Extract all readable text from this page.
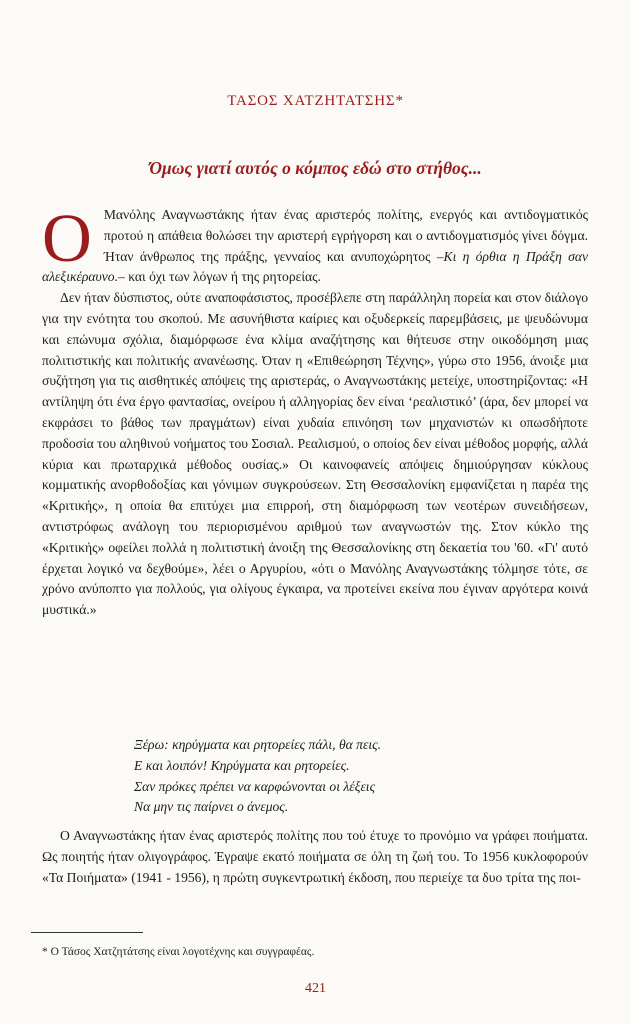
ΤΑΣΟΣ ΧΑΤΖΗΤΑΤΣΗΣ*
Όμως γιατί αυτός ο κόμπος εδώ στο στήθος...

Ο Μανόλης Αναγνωστάκης ήταν ένας αριστερός πολίτης, ενεργός και αντιδογματικός προτού η απάθεια θολώσει την αριστερή εγρήγορση και ο αντιδογματισμός γίνει δόγμα. Ήταν άνθρωπος της πράξης, γενναίος και ανυποχώρητος –Κι η όρθια η Πράξη σαν αλεξικέραυνο.– και όχι των λόγων ή της ρητορείας.

Δεν ήταν δύσπιστος, ούτε αναποφάσιστος, προσέβλεπε στη παράλληλη πορεία και στον διάλογο για την ενότητα του σκοπού. Με ασυνήθιστα καίριες και οξυδερκείς παρεμβάσεις, με ψευδώνυμα και επώνυμα σχόλια, διαμόρφωσε ένα κλίμα αναζήτησης και θήτευσε στην οικοδόμηση μιας πολιτιστικής και πολιτικής ανανέωσης. Όταν η «Επιθεώρηση Τέχνης», γύρω στο 1956, άνοιξε μια συζήτηση για τις αισθητικές απόψεις της αριστεράς, ο Αναγνωστάκης μετείχε, υποστηρίζοντας: «Η αντίληψη ότι ένα έργο φαντασίας, ονείρου ή αλληγορίας δεν είναι ‘ρεαλιστικό’ (άρα, δεν μπορεί να εκφράσει το βάθος των πραγμάτων) είναι χυδαία επινόηση των μηχανιστών κι οπωσδήποτε προδοσία του αληθινού νοήματος του Σοσιαλ. Ρεαλισμού, ο οποίος δεν είναι μέθοδος μορφής, αλλά κύρια και πρωταρχικά μέθοδος ουσίας.» Οι καινοφανείς απόψεις δημιούργησαν κύκλους κομματικής ανορθοδοξίας και γόνιμων συγκρούσεων. Στη Θεσσαλονίκη εμφανίζεται η παρέα της «Κριτικής», η οποία θα επιτύχει μια επιρροή, στη διαμόρφωση των νεοτέρων συνειδήσεων, αντιστρόφως ανάλογη του περιορισμένου αριθμού των αναγνωστών της. Στον κύκλο της «Κριτικής» οφείλει πολλά η πολιτιστική άνοιξη της Θεσσαλονίκης στη δεκαετία του '60. «Γι' αυτό έρχεται λογικό να δεχθούμε», λέει ο Αργυρίου, «ότι ο Μανόλης Αναγνωστάκης τόλμησε τότε, σε χρόνο ανύποπτο για πολλούς, για ολίγους έγκαιρα, να προτείνει εκείνα που έγιναν αργότερα κοινά μυστικά.»

Ξέρω: κηρύγματα και ρητορείες πάλι, θα πεις.
Ε και λοιπόν! Κηρύγματα και ρητορείες.
Σαν πρόκες πρέπει να καρφώνονται οι λέξεις
Να μην τις παίρνει ο άνεμος.

Ο Αναγνωστάκης ήταν ένας αριστερός πολίτης που τού έτυχε το προνόμιο να γράφει ποιήματα. Ως ποιητής ήταν ολιγογράφος. Έγραψε εκατό ποιήματα σε όλη τη ζωή του. Το 1956 κυκλοφορούν «Τα Ποιήματα» (1941 - 1956), η πρώτη συγκεντρωτική έκδοση, που περιείχε τα δυο τρίτα της ποι-

* Ο Τάσος Χατζητάτσης είναι λογοτέχνης και συγγραφέας.
421
